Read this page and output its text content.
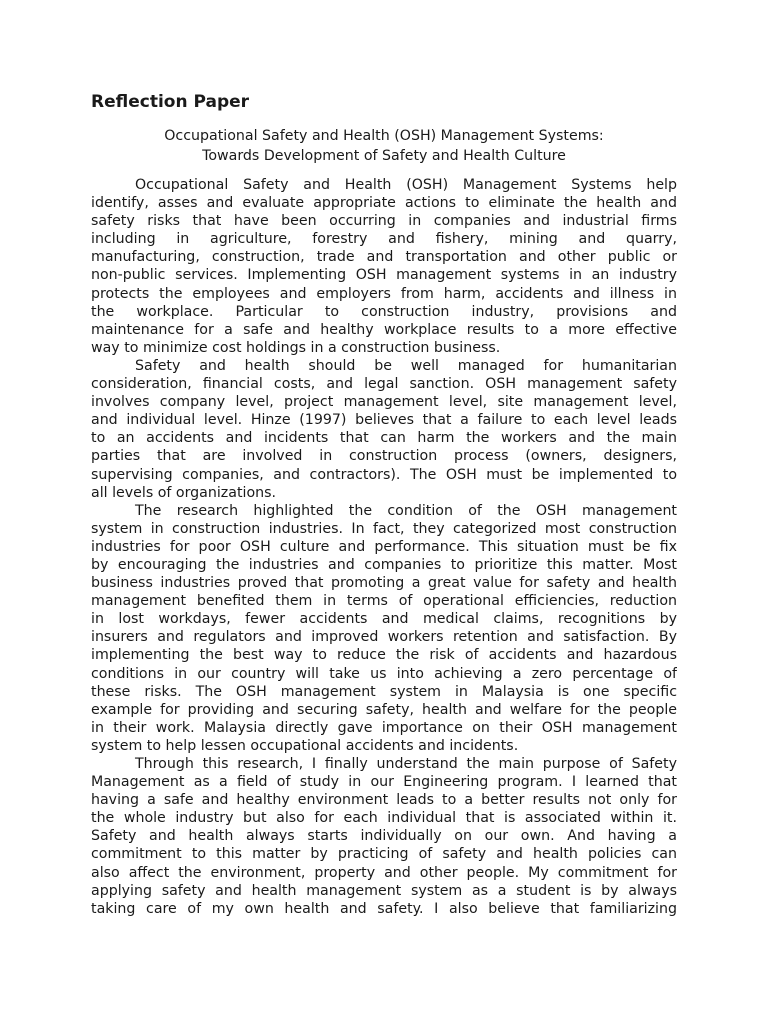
Reflection Paper
Occupational Safety and Health (OSH) Management Systems:
Towards Development of Safety and Health Culture
Occupational Safety and Health (OSH) Management Systems help
identify, asses and evaluate appropriate actions to eliminate the health and
safety risks that have been occurring in companies and industrial firms
including in agriculture, forestry and fishery, mining and quarry,
manufacturing, construction, trade and transportation and other public or
non-public services. Implementing OSH management systems in an industry
protects the employees and employers from harm, accidents and illness in
the workplace. Particular to construction industry, provisions and
maintenance for a safe and healthy workplace results to a more effective
way to minimize cost holdings in a construction business.
Safety and health should be well managed for humanitarian
consideration, financial costs, and legal sanction. OSH management safety
involves company level, project management level, site management level,
and individual level. Hinze (1997) believes that a failure to each level leads
to an accidents and incidents that can harm the workers and the main
parties that are involved in construction process (owners, designers,
supervising companies, and contractors). The OSH must be implemented to
all levels of organizations.
The research highlighted the condition of the OSH management
system in construction industries. In fact, they categorized most construction
industries for poor OSH culture and performance. This situation must be fix
by encouraging the industries and companies to prioritize this matter. Most
business industries proved that promoting a great value for safety and health
management benefited them in terms of operational efficiencies, reduction
in lost workdays, fewer accidents and medical claims, recognitions by
insurers and regulators and improved workers retention and satisfaction. By
implementing the best way to reduce the risk of accidents and hazardous
conditions in our country will take us into achieving a zero percentage of
these risks. The OSH management system in Malaysia is one specific
example for providing and securing safety, health and welfare for the people
in their work. Malaysia directly gave importance on their OSH management
system to help lessen occupational accidents and incidents.
Through this research, I finally understand the main purpose of Safety
Management as a field of study in our Engineering program. I learned that
having a safe and healthy environment leads to a better results not only for
the whole industry but also for each individual that is associated within it.
Safety and health always starts individually on our own. And having a
commitment to this matter by practicing of safety and health policies can
also affect the environment, property and other people. My commitment for
applying safety and health management system as a student is by always
taking care of my own health and safety. I also believe that familiarizing
